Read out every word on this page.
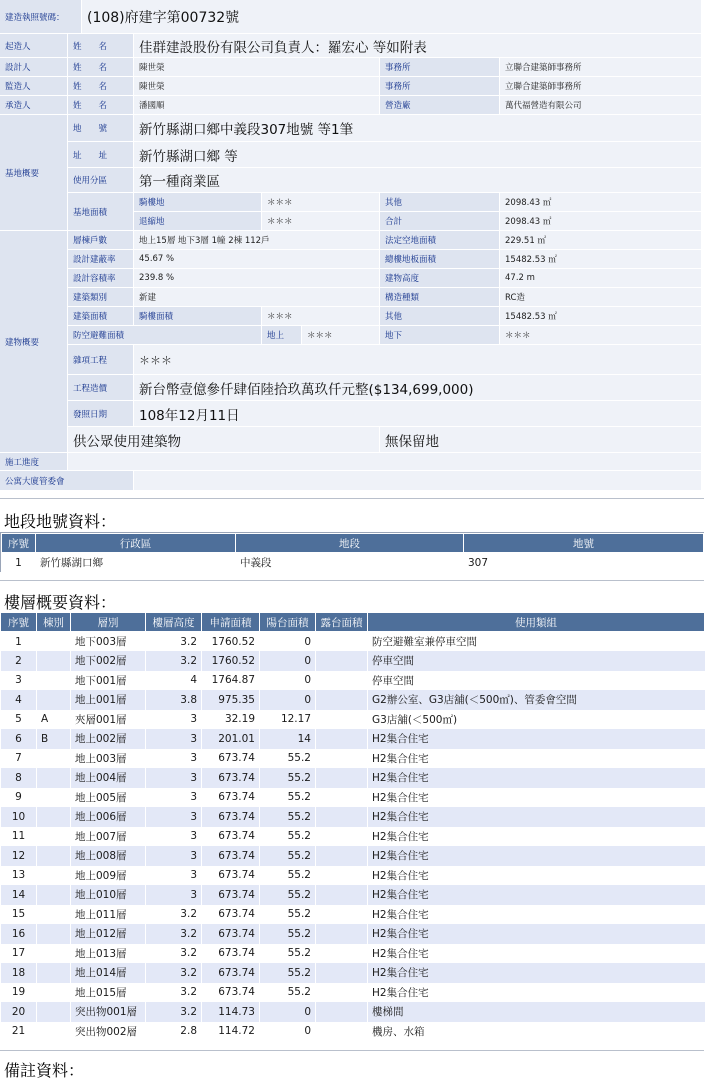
建造執照號碼：	(108)府建字第00732號
起造人	姓　　名	佳群建設股份有限公司負責人：羅宏心 等如附表
設計人	姓　　名	陳世榮	事務所	立聯合建築師事務所
監造人	姓　　名	陳世榮	事務所	立聯合建築師事務所
承造人	姓　　名	潘國順	營造廠	萬代福營造有限公司
基地概要
地　　號	新竹縣湖口鄉中義段307地號 等1筆
址　　址	新竹縣湖口鄉 等
使用分區	第一種商業區
基地面積
騎樓地	＊＊＊	其他	2098.43 ㎡
退縮地	＊＊＊	合計	2098.43 ㎡
建物概要
層棟戶數	地上15層 地下3層 1幢 2棟 112戶	法定空地面積	229.51 ㎡
設計建蔽率	45.67 %	總樓地板面積	15482.53 ㎡
設計容積率	239.8 %	建物高度	47.2 m
建築類別	新建	構造種類	RC造
建築面積	騎樓面積	＊＊＊	其他	15482.53 ㎡
防空避難面積	地上	＊＊＊	地下	＊＊＊
雜項工程	＊＊＊
工程造價	新台幣壹億參仟肆佰陸拾玖萬玖仟元整($134,699,000)
發照日期	108年12月11日
供公眾使用建築物	無保留地
施工進度
公寓大廈管委會
地段地號資料：
序號	行政區	地段	地號
1	新竹縣湖口鄉	中義段	307
樓層概要資料：
序號	棟別	層別	樓層高度	申請面積	陽台面積	露台面積	使用類組
1		地下003層	3.2	1760.52	0		防空避難室兼停車空間
2		地下002層	3.2	1760.52	0		停車空間
3		地下001層	4	1764.87	0		停車空間
4		地上001層	3.8	975.35	0		G2辦公室、G3店舖(＜500㎡)、管委會空間
5	A	夾層001層	3	32.19	12.17		G3店舖(＜500㎡)
6	B	地上002層	3	201.01	14		H2集合住宅
7		地上003層	3	673.74	55.2		H2集合住宅
8		地上004層	3	673.74	55.2		H2集合住宅
9		地上005層	3	673.74	55.2		H2集合住宅
10		地上006層	3	673.74	55.2		H2集合住宅
11		地上007層	3	673.74	55.2		H2集合住宅
12		地上008層	3	673.74	55.2		H2集合住宅
13		地上009層	3	673.74	55.2		H2集合住宅
14		地上010層	3	673.74	55.2		H2集合住宅
15		地上011層	3.2	673.74	55.2		H2集合住宅
16		地上012層	3.2	673.74	55.2		H2集合住宅
17		地上013層	3.2	673.74	55.2		H2集合住宅
18		地上014層	3.2	673.74	55.2		H2集合住宅
19		地上015層	3.2	673.74	55.2		H2集合住宅
20		突出物001層	3.2	114.73	0		樓梯間
21		突出物002層	2.8	114.72	0		機房、水箱
備註資料：
